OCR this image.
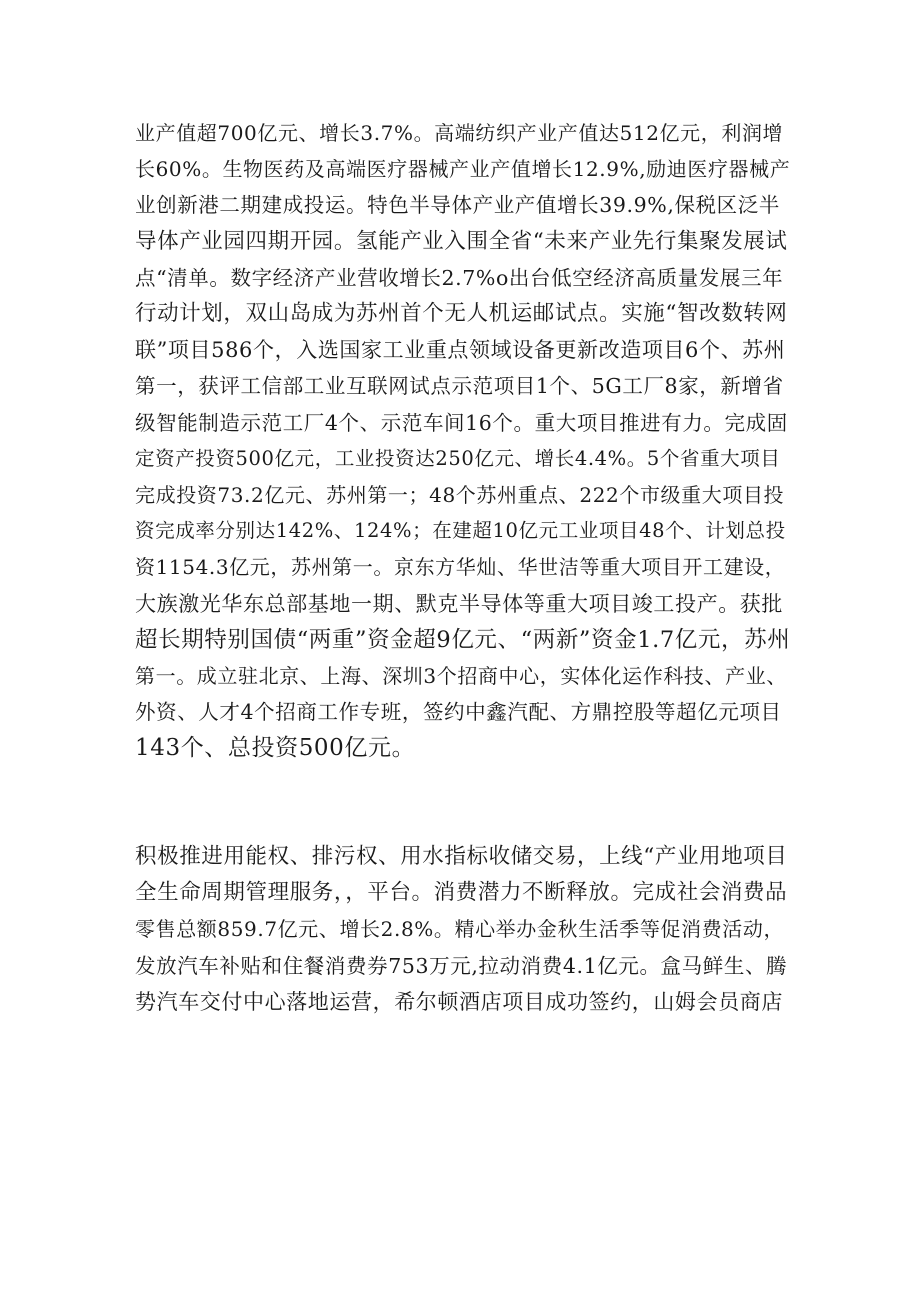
业产值超700亿元、增长3.7%。高端纺织产业产值达512亿元，利润增
长60%。生物医药及高端医疗器械产业产值增长12.9%,励迪医疗器械产
业创新港二期建成投运。特色半导体产业产值增长39.9%,保税区泛半
导体产业园四期开园。氢能产业入围全省“未来产业先行集聚发展试
点“清单。数字经济产业营收增长2.7%o出台低空经济高质量发展三年
行动计划，双山岛成为苏州首个无人机运邮试点。实施“智改数转网
联”项目586个，入选国家工业重点领域设备更新改造项目6个、苏州
第一，获评工信部工业互联网试点示范项目1个、5G工厂8家，新增省
级智能制造示范工厂4个、示范车间16个。重大项目推进有力。完成固
定资产投资500亿元，工业投资达250亿元、增长4.4%。5个省重大项目
完成投资73.2亿元、苏州第一；48个苏州重点、222个市级重大项目投
资完成率分别达142%、124%；在建超10亿元工业项目48个、计划总投
资1154.3亿元，苏州第一。京东方华灿、华世洁等重大项目开工建设，
大族激光华东总部基地一期、默克半导体等重大项目竣工投产。获批
超长期特别国债“两重”资金超9亿元、“两新”资金1.7亿元，苏州
第一。成立驻北京、上海、深圳3个招商中心，实体化运作科技、产业、
外资、人才4个招商工作专班，签约中鑫汽配、方鼎控股等超亿元项目
143个、总投资500亿元。
积极推进用能权、排污权、用水指标收储交易，上线“产业用地项目
全生命周期管理服务，，平台。消费潜力不断释放。完成社会消费品
零售总额859.7亿元、增长2.8%。精心举办金秋生活季等促消费活动，
发放汽车补贴和住餐消费券753万元,拉动消费4.1亿元。盒马鲜生、腾
势汽车交付中心落地运营，希尔顿酒店项目成功签约，山姆会员商店
